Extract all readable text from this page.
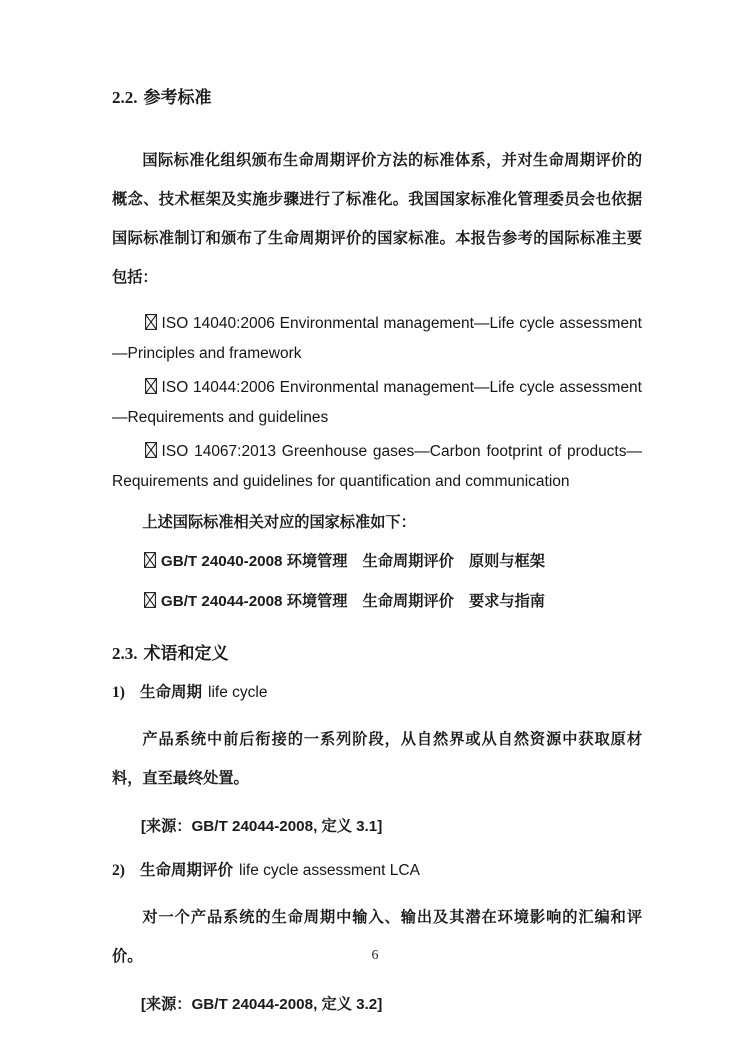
2.2. 参考标准

国际标准化组织颁布生命周期评价方法的标准体系，并对生命周期评价的概念、技术框架及实施步骤进行了标准化。我国国家标准化管理委员会也依据国际标准制订和颁布了生命周期评价的国家标准。本报告参考的国际标准主要包括：

ISO 14040:2006 Environmental management—Life cycle assessment—Principles and framework

ISO 14044:2006 Environmental management—Life cycle assessment—Requirements and guidelines

ISO 14067:2013 Greenhouse gases—Carbon footprint of products—Requirements and guidelines for quantification and communication

上述国际标准相关对应的国家标准如下：

GB/T 24040-2008 环境管理　生命周期评价　原则与框架

GB/T 24044-2008 环境管理　生命周期评价　要求与指南

2.3. 术语和定义

1) 生命周期 life cycle

产品系统中前后衔接的一系列阶段，从自然界或从自然资源中获取原材料，直至最终处置。

[来源：GB/T 24044-2008, 定义 3.1]

2) 生命周期评价 life cycle assessment LCA

对一个产品系统的生命周期中输入、输出及其潜在环境影响的汇编和评价。

[来源：GB/T 24044-2008, 定义 3.2]

6
